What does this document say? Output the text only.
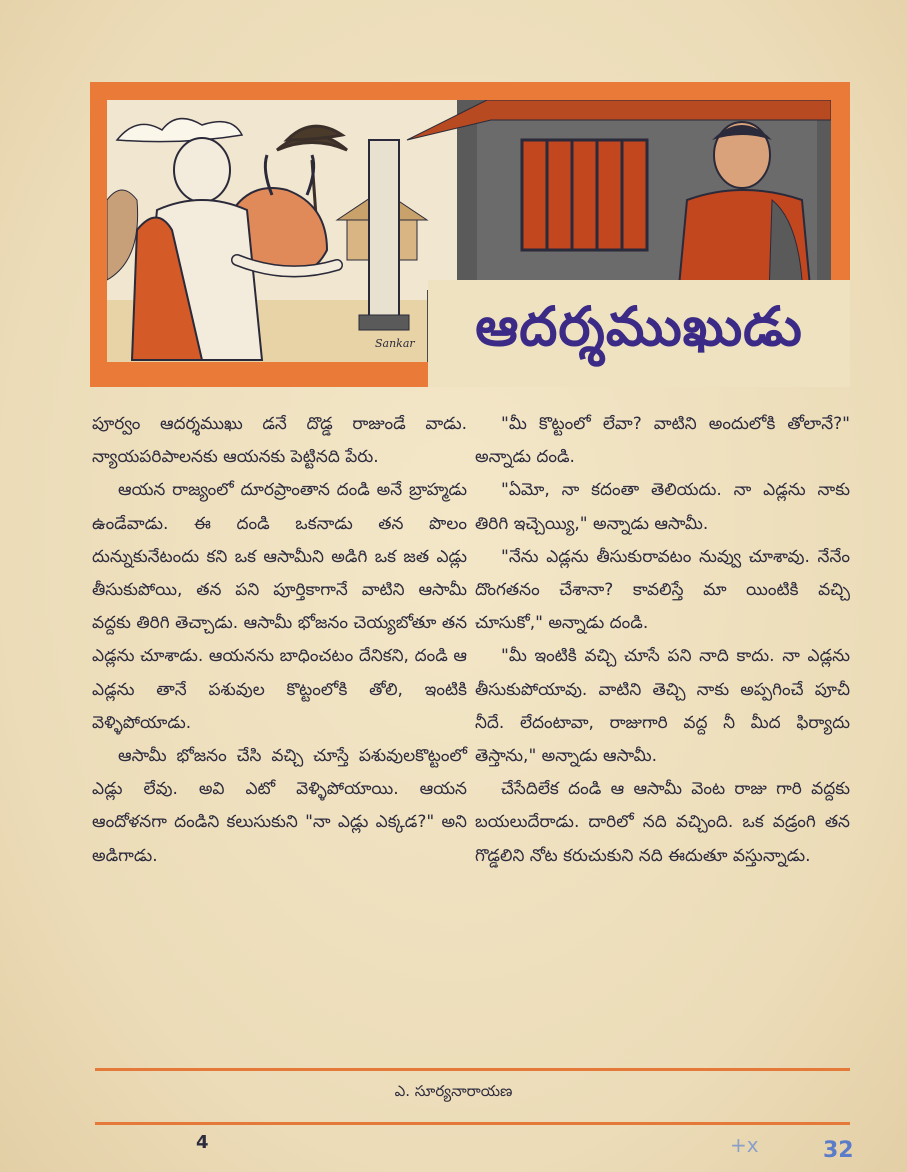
ఆదర్శముఖుడు
Sankar

పూర్వం ఆదర్శముఖు డనే దొడ్డ రాజుండే వాడు. న్యాయపరిపాలనకు ఆయనకు పెట్టినది పేరు.

ఆయన రాజ్యంలో దూరప్రాంతాన దండి అనే బ్రాహ్మడు ఉండేవాడు. ఈ దండి ఒకనాడు తన పొలం దున్నుకునేటందు కని ఒక ఆసామీని అడిగి ఒక జత ఎడ్లు తీసుకుపోయి, తన పని పూర్తికాగానే వాటిని ఆసామీ వద్దకు తిరిగి తెచ్చాడు. ఆసామీ భోజనం చెయ్యబోతూ తన ఎడ్లను చూశాడు. ఆయనను బాధించటం దేనికని, దండి ఆ ఎడ్లను తానే పశువుల కొట్టంలోకి తోలి, ఇంటికి వెళ్ళిపోయాడు.

ఆసామీ భోజనం చేసి వచ్చి చూస్తే పశువులకొట్టంలో ఎడ్లు లేవు. అవి ఎటో వెళ్ళిపోయాయి. ఆయన ఆందోళనగా దండిని కలుసుకుని "నా ఎడ్లు ఎక్కడ?" అని అడిగాడు.

"మీ కొట్టంలో లేవా? వాటిని అందులోకి తోలానే?" అన్నాడు దండి.

"ఏమో, నా కదంతా తెలియదు. నా ఎడ్లను నాకు తిరిగి ఇచ్చెయ్యి," అన్నాడు ఆసామీ.

"నేను ఎడ్లను తీసుకురావటం నువ్వు చూశావు. నేనేం దొంగతనం చేశానా? కావలిస్తే మా యింటికి వచ్చి చూసుకో," అన్నాడు దండి.

"మీ ఇంటికి వచ్చి చూసే పని నాది కాదు. నా ఎడ్లను తీసుకుపోయావు. వాటిని తెచ్చి నాకు అప్పగించే పూచీ నీదే. లేదంటావా, రాజుగారి వద్ద నీ మీద ఫిర్యాదు తెస్తాను," అన్నాడు ఆసామీ.

చేసేదిలేక దండి ఆ ఆసామీ వెంట రాజు గారి వద్దకు బయలుదేరాడు. దారిలో నది వచ్చింది. ఒక వడ్రంగి తన గొడ్డలిని నోట కరుచుకుని నది ఈదుతూ వస్తున్నాడు.

ఎ. సూర్యనారాయణ
4	+x	32
